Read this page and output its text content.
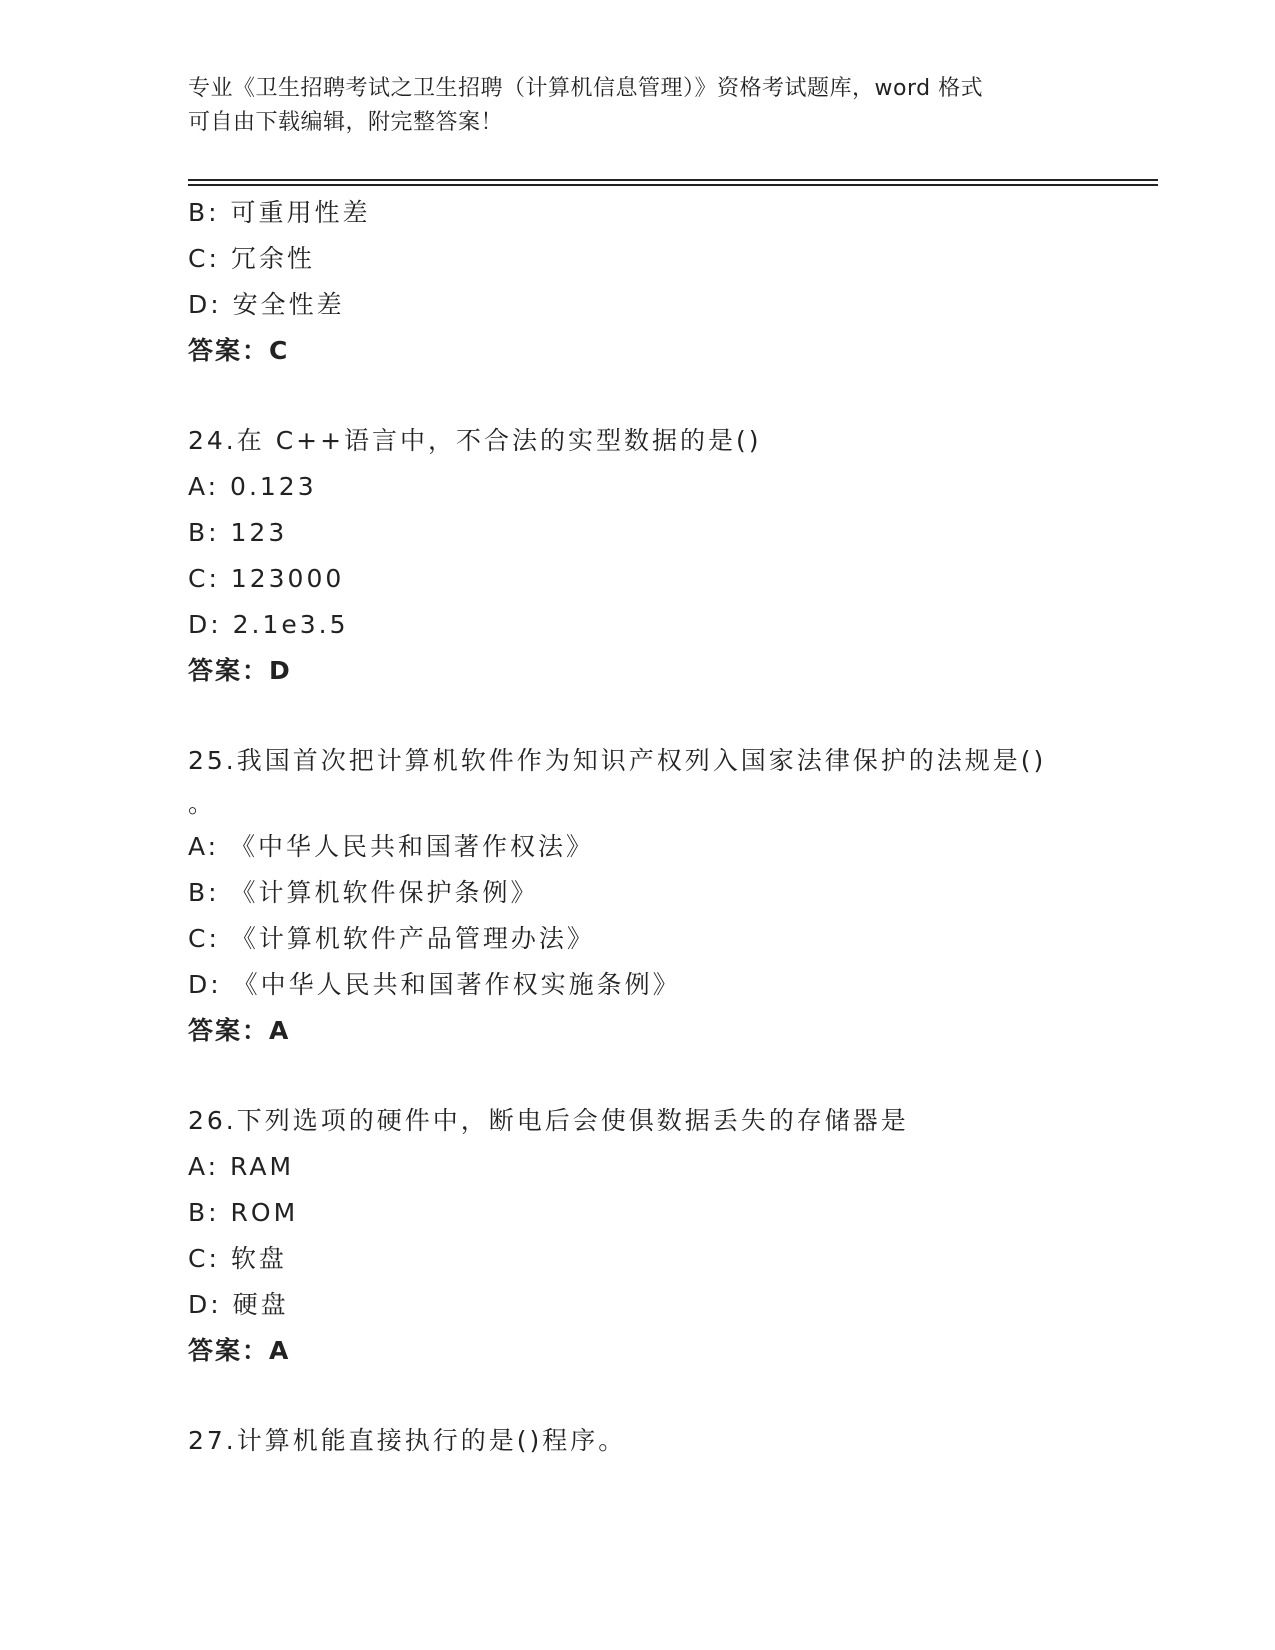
专业《卫生招聘考试之卫生招聘（计算机信息管理）》资格考试题库，word 格式
可自由下载编辑，附完整答案！
B: 可重用性差
C: 冗余性
D: 安全性差
答案：C
24.在 C++语言中，不合法的实型数据的是()
A: 0.123
B: 123
C: 123000
D: 2.1e3.5
答案：D
25.我国首次把计算机软件作为知识产权列入国家法律保护的法规是()
。
A: 《中华人民共和国著作权法》
B: 《计算机软件保护条例》
C: 《计算机软件产品管理办法》
D: 《中华人民共和国著作权实施条例》
答案：A
26.下列选项的硬件中，断电后会使俱数据丢失的存储器是
A: RAM
B: ROM
C: 软盘
D: 硬盘
答案：A
27.计算机能直接执行的是()程序。
